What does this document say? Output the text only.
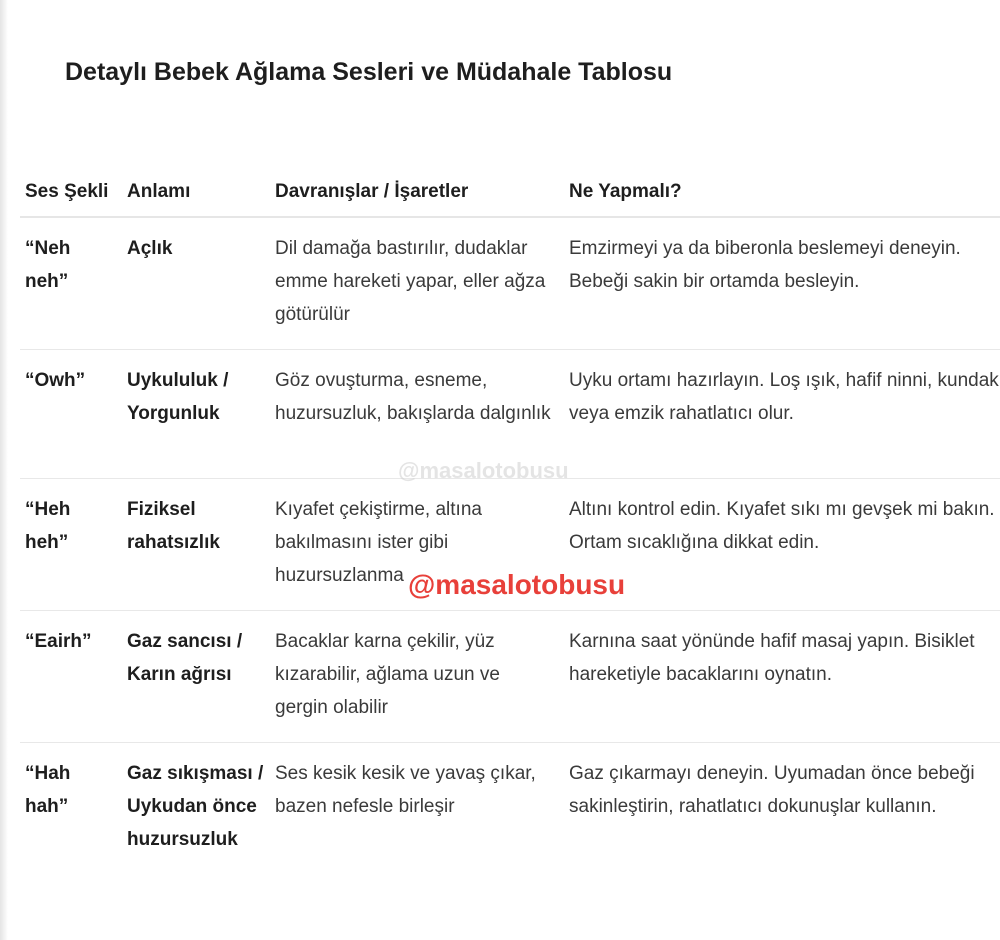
Detaylı Bebek Ağlama Sesleri ve Müdahale Tablosu
Ses Şekli	Anlamı	Davranışlar / İşaretler	Ne Yapmalı?
“Neh neh”	Açlık	Dil damağa bastırılır, dudaklar emme hareketi yapar, eller ağza götürülür	Emzirmeyi ya da biberonla beslemeyi deneyin.
Bebeği sakin bir ortamda besleyin.
“Owh”	Uykululuk / Yorgunluk	Göz ovuşturma, esneme, huzursuzluk, bakışlarda dalgınlık	Uyku ortamı hazırlayın. Loş ışık, hafif ninni, kundak
veya emzik rahatlatıcı olur.
“Heh heh”	Fiziksel rahatsızlık	Kıyafet çekiştirme, altına bakılmasını ister gibi huzursuzlanma	Altını kontrol edin. Kıyafet sıkı mı gevşek mi bakın.
Ortam sıcaklığına dikkat edin.
“Eairh”	Gaz sancısı / Karın ağrısı	Bacaklar karna çekilir, yüz kızarabilir, ağlama uzun ve gergin olabilir	Karnına saat yönünde hafif masaj yapın. Bisiklet
hareketiyle bacaklarını oynatın.
“Hah hah”	Gaz sıkışması / Uykudan önce huzursuzluk	Ses kesik kesik ve yavaş çıkar, bazen nefesle birleşir	Gaz çıkarmayı deneyin. Uyumadan önce bebeği
sakinleştirin, rahatlatıcı dokunuşlar kullanın.
@masalotobusu
@masalotobusu
